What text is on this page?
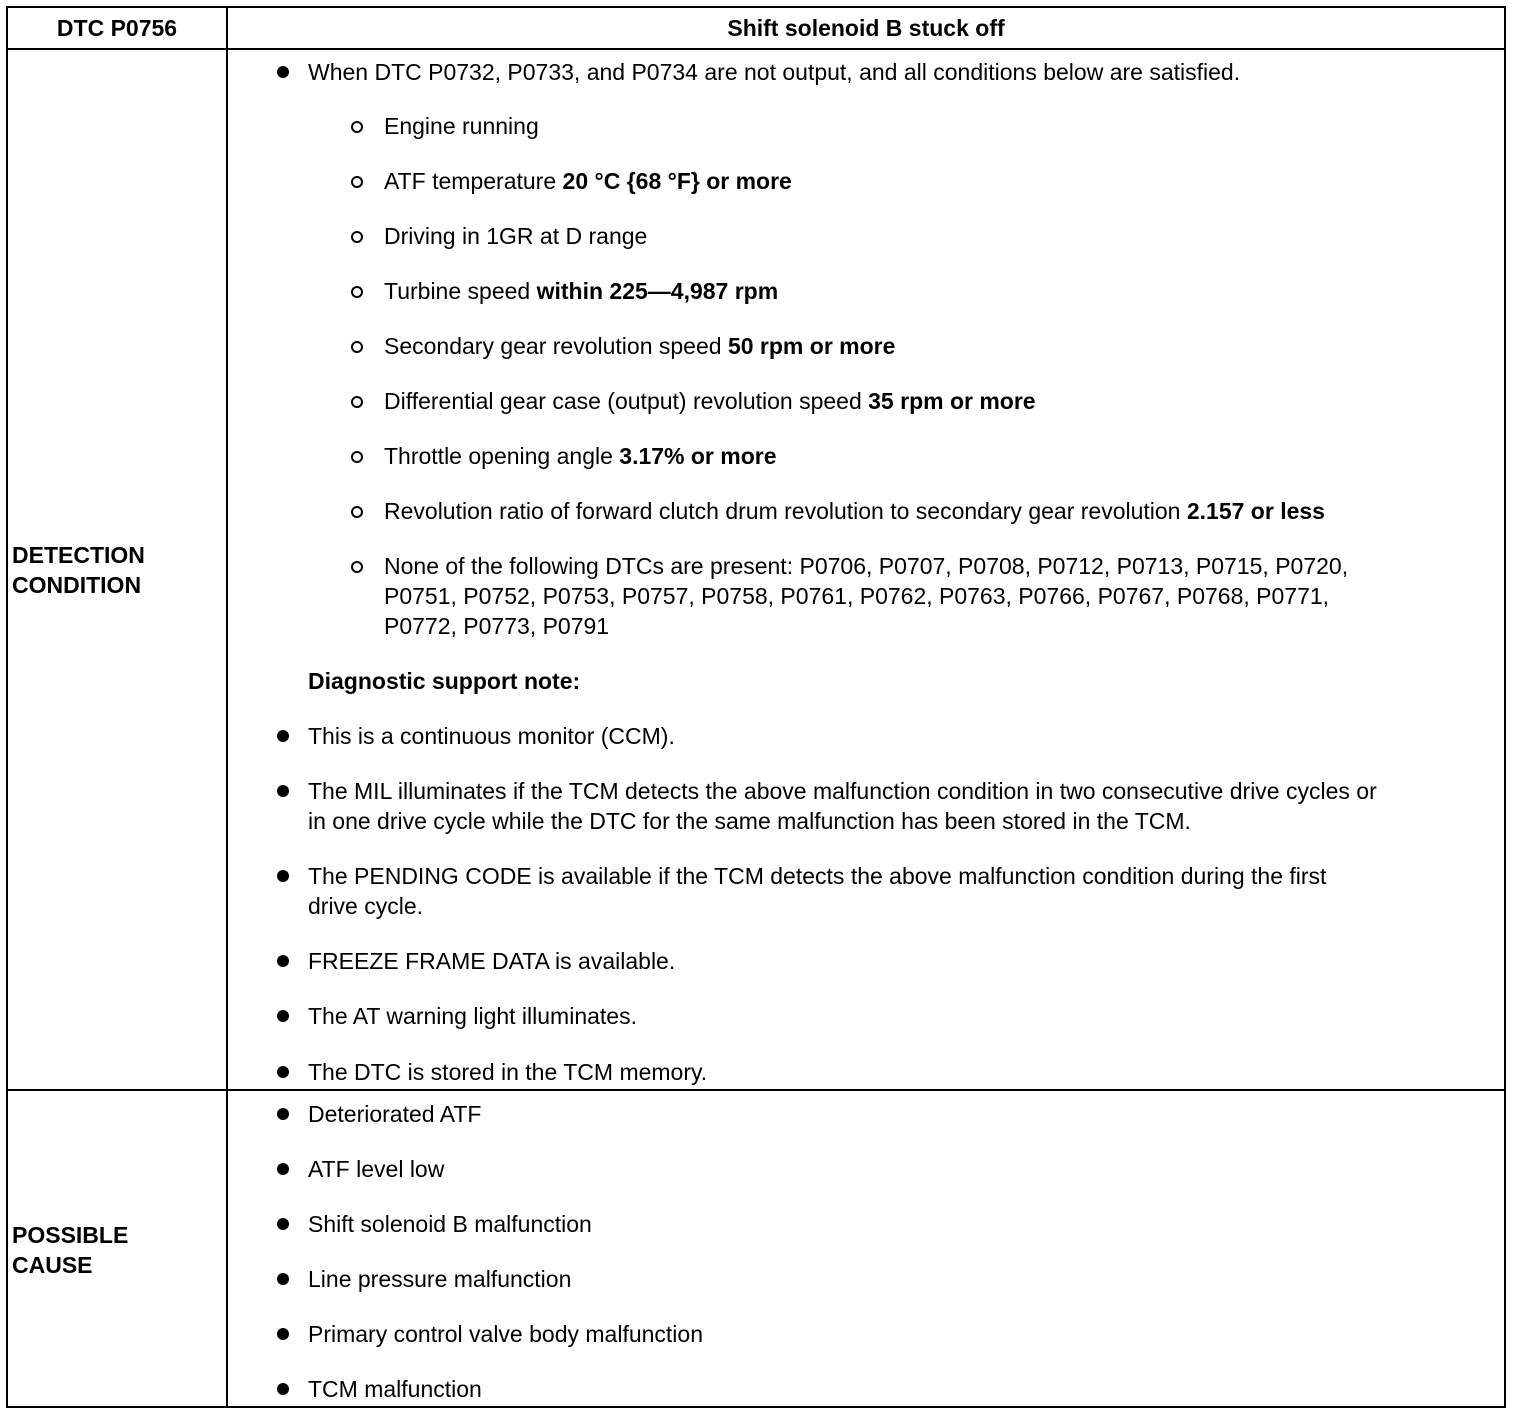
DTC P0756	Shift solenoid B stuck off
DETECTION
CONDITION
When DTC P0732, P0733, and P0734 are not output, and all conditions below are satisfied.
Engine running
ATF temperature 20 °C {68 °F} or more
Driving in 1GR at D range
Turbine speed within 225—4,987 rpm
Secondary gear revolution speed 50 rpm or more
Differential gear case (output) revolution speed 35 rpm or more
Throttle opening angle 3.17% or more
Revolution ratio of forward clutch drum revolution to secondary gear revolution 2.157 or less
None of the following DTCs are present: P0706, P0707, P0708, P0712, P0713, P0715, P0720,
P0751, P0752, P0753, P0757, P0758, P0761, P0762, P0763, P0766, P0767, P0768, P0771,
P0772, P0773, P0791
Diagnostic support note:
This is a continuous monitor (CCM).
The MIL illuminates if the TCM detects the above malfunction condition in two consecutive drive cycles or
in one drive cycle while the DTC for the same malfunction has been stored in the TCM.
The PENDING CODE is available if the TCM detects the above malfunction condition during the first
drive cycle.
FREEZE FRAME DATA is available.
The AT warning light illuminates.
The DTC is stored in the TCM memory.
POSSIBLE
CAUSE
Deteriorated ATF
ATF level low
Shift solenoid B malfunction
Line pressure malfunction
Primary control valve body malfunction
TCM malfunction
